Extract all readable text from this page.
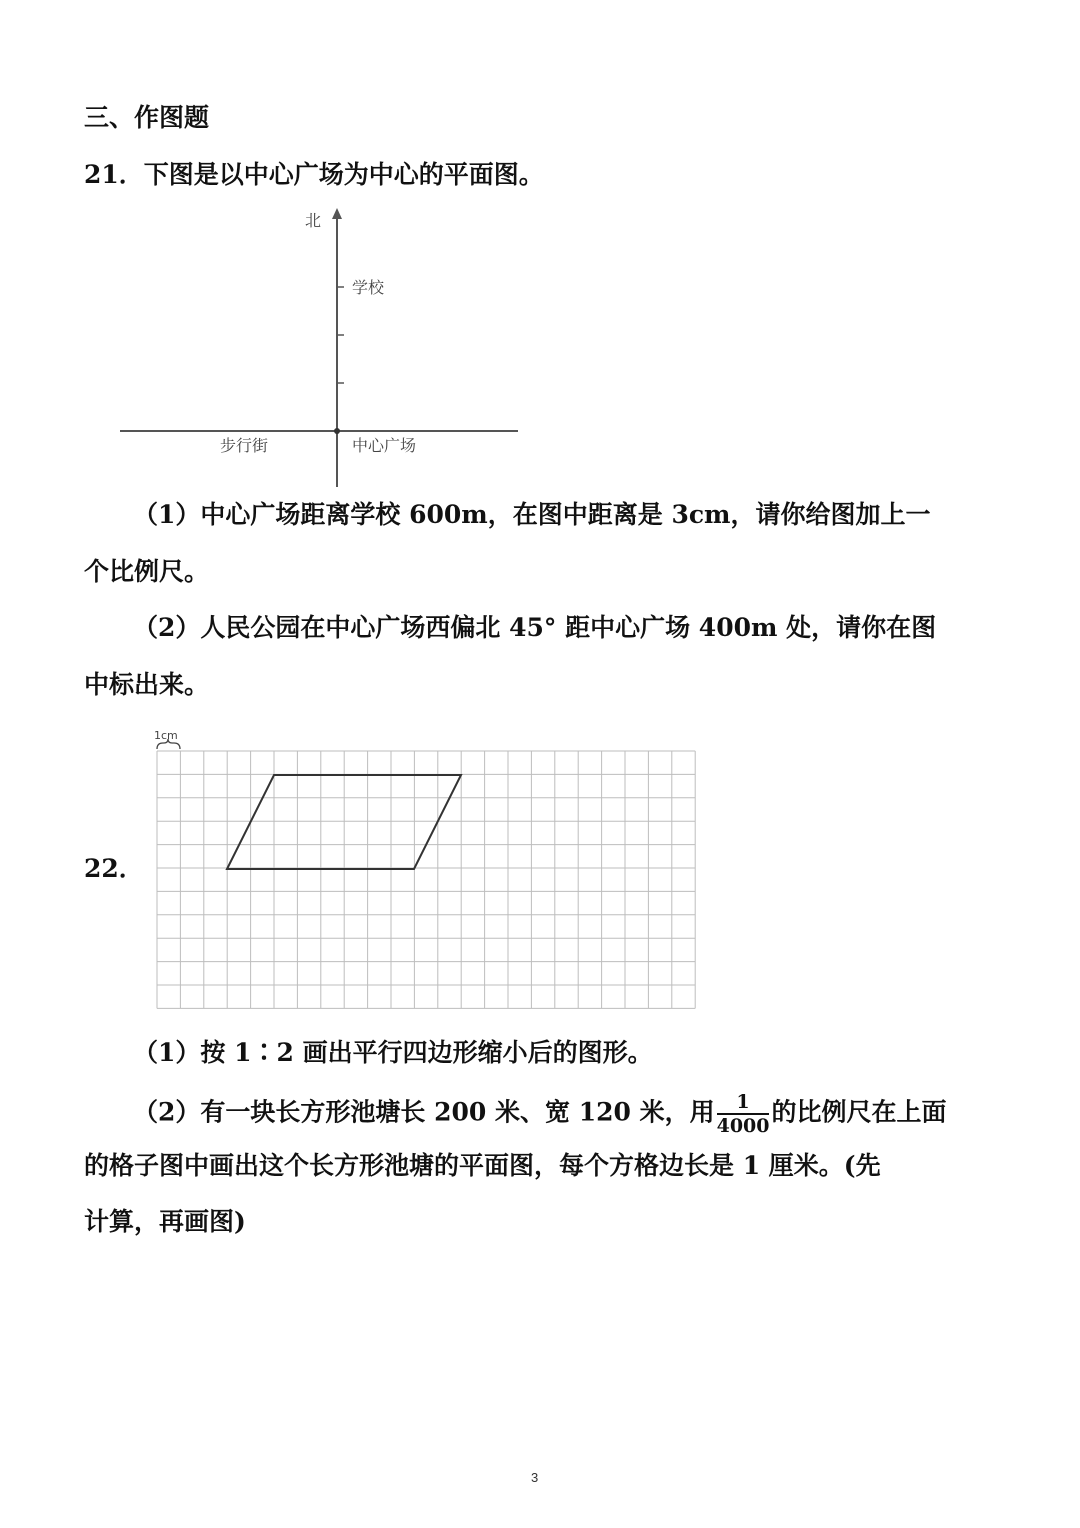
三、作图题
21．下图是以中心广场为中心的平面图。
北
学校
步行街	中心广场
（1）中心广场距离学校 600m，在图中距离是 3cm，请你给图加上一
个比例尺。
（2）人民公园在中心广场西偏北 45° 距中心广场 400m 处，请你在图
中标出来。
22．
1cm
（1）按 1∶2 画出平行四边形缩小后的图形。
（2）有一块长方形池塘长 200 米、宽 120 米，用 $\frac{1}{4000}$ 的比例尺在上面
的格子图中画出这个长方形池塘的平面图，每个方格边长是 1 厘米。(先
计算，再画图)
3
